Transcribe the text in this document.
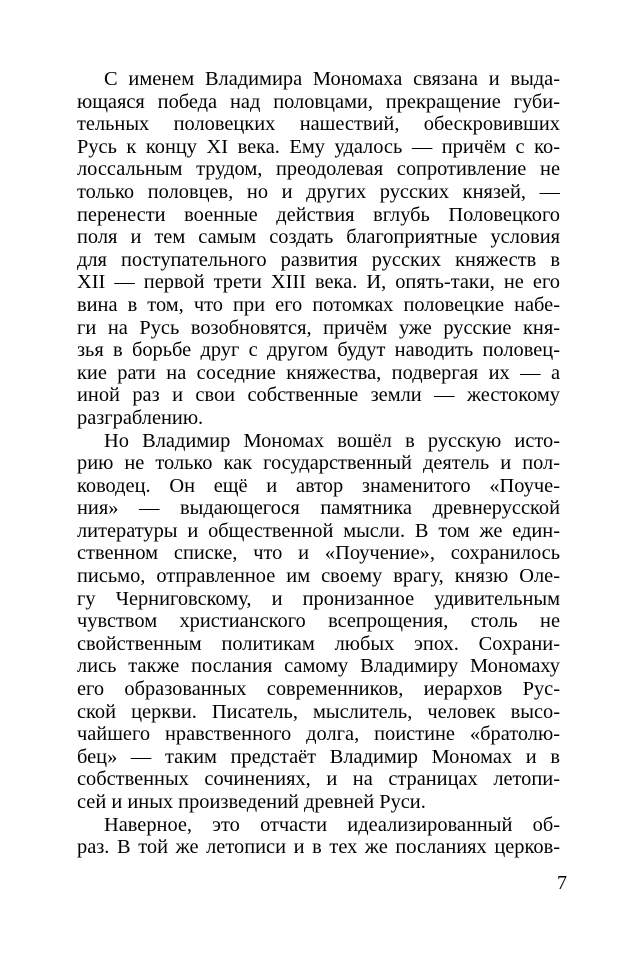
С именем Владимира Мономаха связана и выда-
ющаяся победа над половцами, прекращение губи-
тельных половецких нашествий, обескровивших
Русь к концу XI века. Ему удалось — причём с ко-
лоссальным трудом, преодолевая сопротивление не
только половцев, но и других русских князей, —
перенести военные действия вглубь Половецкого
поля и тем самым создать благоприятные условия
для поступательного развития русских княжеств в
XII — первой трети XIII века. И, опять-таки, не его
вина в том, что при его потомках половецкие набе-
ги на Русь возобновятся, причём уже русские кня-
зья в борьбе друг с другом будут наводить половец-
кие рати на соседние княжества, подвергая их — а
иной раз и свои собственные земли — жестокому
разграблению.
Но Владимир Мономах вошёл в русскую исто-
рию не только как государственный деятель и пол-
ководец. Он ещё и автор знаменитого «Поуче-
ния» — выдающегося памятника древнерусской
литературы и общественной мысли. В том же един-
ственном списке, что и «Поучение», сохранилось
письмо, отправленное им своему врагу, князю Оле-
гу Черниговскому, и пронизанное удивительным
чувством христианского всепрощения, столь не
свойственным политикам любых эпох. Сохрани-
лись также послания самому Владимиру Мономаху
его образованных современников, иерархов Рус-
ской церкви. Писатель, мыслитель, человек высо-
чайшего нравственного долга, поистине «братолю-
бец» — таким предстаёт Владимир Мономах и в
собственных сочинениях, и на страницах летопи-
сей и иных произведений древней Руси.
Наверное, это отчасти идеализированный об-
раз. В той же летописи и в тех же посланиях церков-
7
